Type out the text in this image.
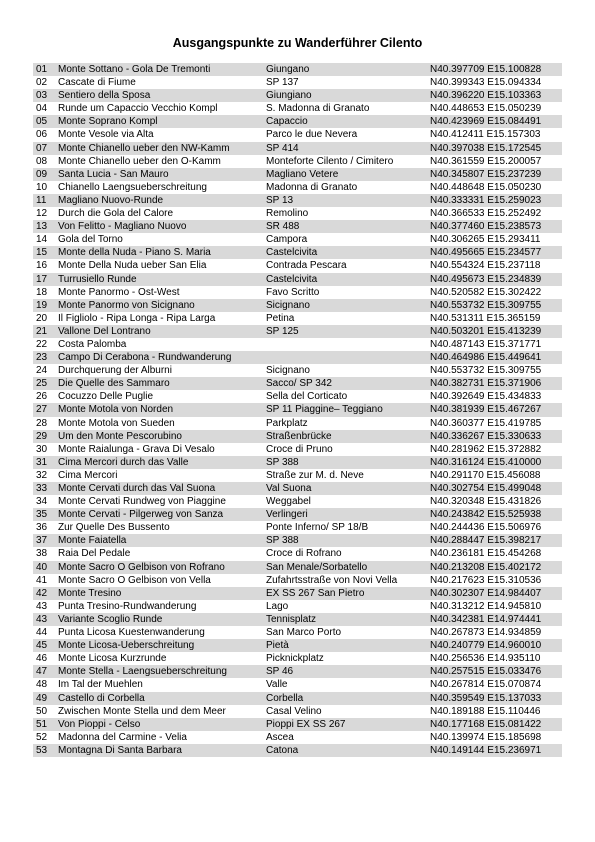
Ausgangspunkte zu Wanderführer Cilento
01	Monte Sottano - Gola De Tremonti	Giungano	N40.397709 E15.100828
02	Cascate di Fiume	SP 137	N40.399343 E15.094334
03	Sentiero della Sposa	Giungiano	N40.396220 E15.103363
04	Runde um Capaccio Vecchio Kompl	S. Madonna di Granato	N40.448653 E15.050239
05	Monte Soprano Kompl	Capaccio	N40.423969 E15.084491
06	Monte Vesole via Alta	Parco le due Nevera	N40.412411 E15.157303
07	Monte Chianello ueber den NW-Kamm	SP 414	N40.397038 E15.172545
08	Monte Chianello ueber den O-Kamm	Monteforte Cilento / Cimitero	N40.361559 E15.200057
09	Santa Lucia - San Mauro	Magliano Vetere	N40.345807 E15.237239
10	Chianello Laengsueberschreitung	Madonna di Granato	N40.448648 E15.050230
11	Magliano Nuovo-Runde	SP 13	N40.333331 E15.259023
12	Durch die Gola del Calore	Remolino	N40.366533 E15.252492
13	Von Felitto - Magliano Nuovo	SR 488	N40.377460 E15.238573
14	Gola del Torno	Campora	N40.306265 E15.293411
15	Monte della Nuda - Piano S. Maria	Castelcivita	N40.495665 E15.234577
16	Monte Della Nuda ueber San Elia	Contrada Pescara	N40.554324 E15.237118
17	Turrusiello Runde	Castelcivita	N40.495673 E15.234839
18	Monte Panormo - Ost-West	Favo Scritto	N40.520582 E15.302422
19	Monte Panormo von Sicignano	Sicignano	N40.553732 E15.309755
20	Il Figliolo - Ripa Longa - Ripa Larga	Petina	N40.531311 E15.365159
21	Vallone Del Lontrano	SP 125	N40.503201 E15.413239
22	Costa Palomba		N40.487143 E15.371771
23	Campo Di Cerabona - Rundwanderung		N40.464986 E15.449641
24	Durchquerung der Alburni	Sicignano	N40.553732 E15.309755
25	Die Quelle des Sammaro	Sacco/ SP 342	N40.382731 E15.371906
26	Cocuzzo Delle Puglie	Sella del Corticato	N40.392649 E15.434833
27	Monte Motola von Norden	SP 11 Piaggine– Teggiano	N40.381939 E15.467267
28	Monte Motola von Sueden	Parkplatz	N40.360377 E15.419785
29	Um den Monte Pescorubino	Straßenbrücke	N40.336267 E15.330633
30	Monte Raialunga - Grava Di Vesalo	Croce di Pruno	N40.281962 E15.372882
31	Cima Mercori durch das Valle	SP 388	N40.316124 E15.410000
32	Cima Mercori	Straße zur M. d. Neve	N40.291170 E15.456088
33	Monte Cervati durch das Val Suona	Val Suona	N40.302754 E15.499048
34	Monte Cervati Rundweg von Piaggine	Weggabel	N40.320348 E15.431826
35	Monte Cervati - Pilgerweg von Sanza	Verlingeri	N40.243842 E15.525938
36	Zur Quelle Des Bussento	Ponte Inferno/ SP 18/B	N40.244436 E15.506976
37	Monte Faiatella	SP 388	N40.288447 E15.398217
38	Raia Del Pedale	Croce di Rofrano	N40.236181 E15.454268
40	Monte Sacro O Gelbison von Rofrano	San Menale/Sorbatello	N40.213208 E15.402172
41	Monte Sacro O Gelbison von Vella	Zufahrtsstraße von Novi Vella	N40.217623 E15.310536
42	Monte Tresino	EX SS 267 San Pietro	N40.302307 E14.984407
43	Punta Tresino-Rundwanderung	Lago	N40.313212 E14.945810
43	Variante Scoglio Runde	Tennisplatz	N40.342381 E14.974441
44	Punta Licosa Kuestenwanderung	San Marco Porto	N40.267873 E14.934859
45	Monte Licosa-Ueberschreitung	Pietà	N40.240779 E14.960010
46	Monte Licosa Kurzrunde	Picknickplatz	N40.256536 E14.935110
47	Monte Stella - Laengsueberschreitung	SP 46	N40.257515 E15.033476
48	Im Tal der Muehlen	Valle	N40.267814 E15.070874
49	Castello di Corbella	Corbella	N40.359549 E15.137033
50	Zwischen Monte Stella und dem Meer	Casal Velino	N40.189188 E15.110446
51	Von Pioppi - Celso	Pioppi EX SS 267	N40.177168 E15.081422
52	Madonna del Carmine - Velia	Ascea	N40.139974 E15.185698
53	Montagna Di Santa Barbara	Catona	N40.149144 E15.236971
